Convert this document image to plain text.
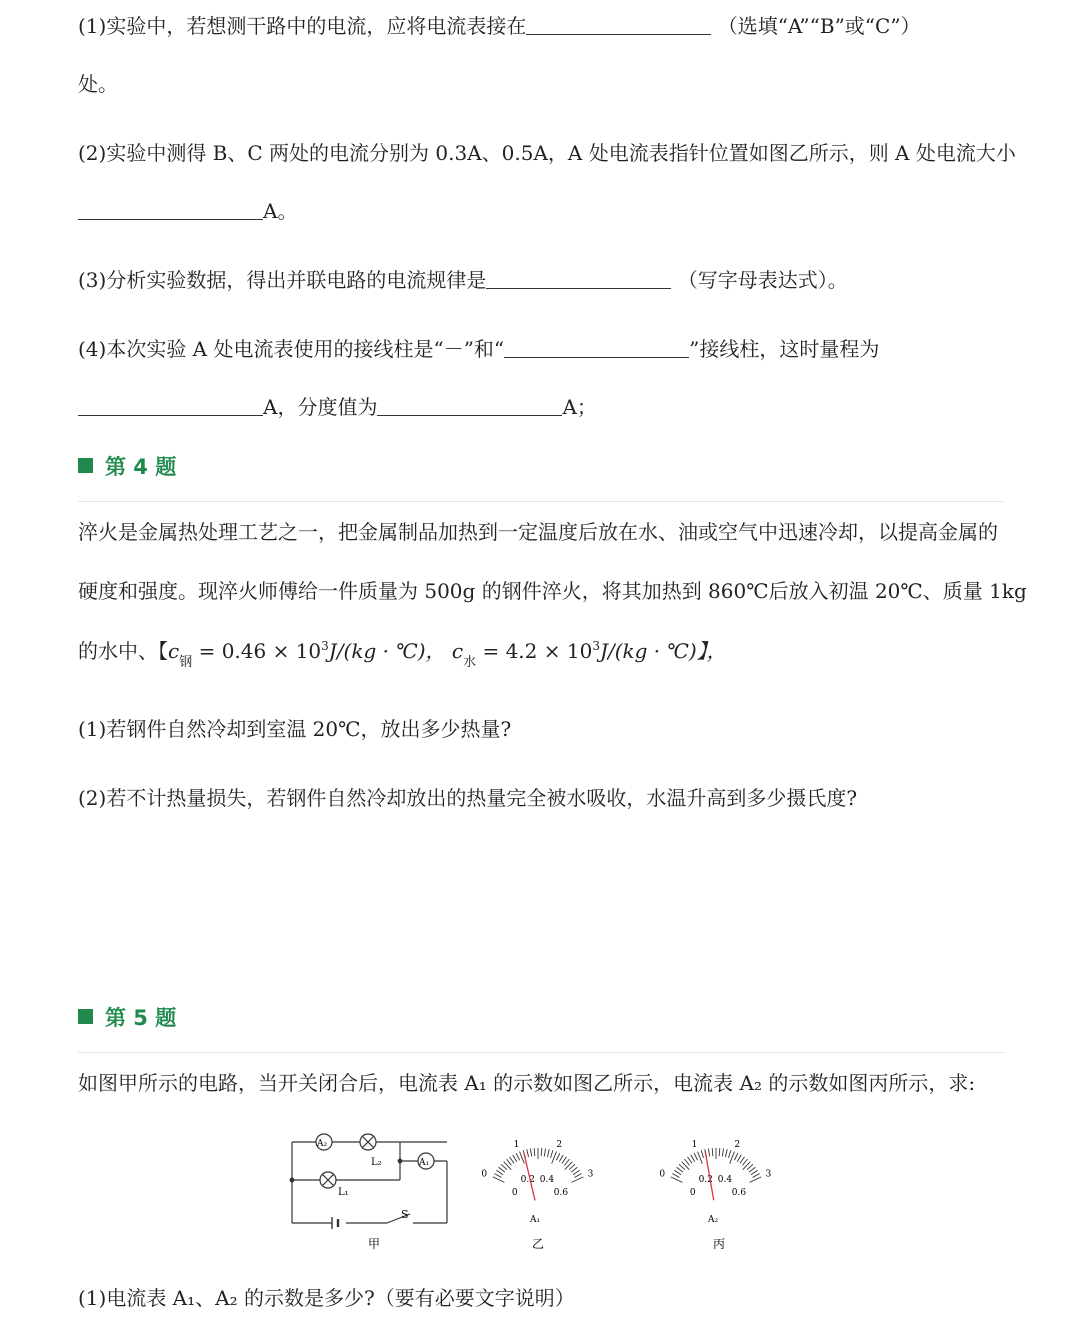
(1)实验中，若想测干路中的电流，应将电流表接在	（选填“A”“B”或“C”）
处。
(2)实验中测得 B、C 两处的电流分别为 0.3A、0.5A，A 处电流表指针位置如图乙所示，则 A 处电流大小
A。
(3)分析实验数据，得出并联电路的电流规律是	（写字母表达式）。
(4)本次实验 A 处电流表使用的接线柱是“－”和“	”接线柱，这时量程为
A，分度值为	A；
第 4 题
淬火是金属热处理工艺之一，把金属制品加热到一定温度后放在水、油或空气中迅速冷却，以提高金属的
硬度和强度。现淬火师傅给一件质量为 500g 的钢件淬火，将其加热到 860℃后放入初温 20℃、质量 1kg
的水中、【$c_钢 = 0.46 \times 10^3J/(kg$ · ℃)， $c_水 = 4.2 \times 10^3J/(kg$ · ℃)】，
(1)若钢件自然冷却到室温 20℃，放出多少热量?
(2)若不计热量损失，若钢件自然冷却放出的热量完全被水吸收，水温升高到多少摄氏度?
第 5 题
如图甲所示的电路，当开关闭合后，电流表 A₁ 的示数如图乙所示，电流表 A₂ 的示数如图丙所示，求:
A₂
A₁
L₂
L₁
S
甲
0
1	2
3
0
0.2 0.4
0.6
A₁
乙
0
1	2
3
0
0.2 0.4
0.6
A₂
丙
(1)电流表 A₁、A₂ 的示数是多少?（要有必要文字说明）
